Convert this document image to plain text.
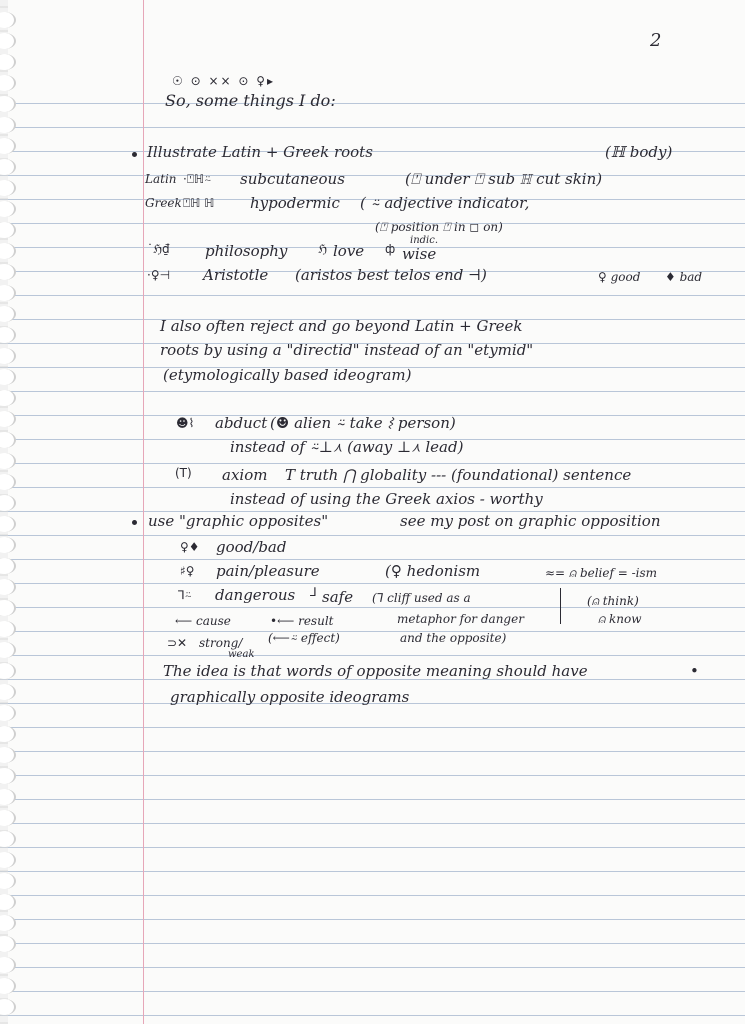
2
☉ ⊙ ×× ⊙ ♀▸
So, some things I do:
Illustrate Latin + Greek roots	(ℍ body)
Latin ·⍞ℍ⍨ subcutaneous	(⍞ under ⍞ sub ℍ cut skin)
Greek ⍞ℍ ℍ hypodermic ( ⍨ adjective indicator,
(⍞ position ⍞ in ◻ on)
˙ℌ₫ philosophy	ℌ love ф
indic.
wise
·♀⊣ Aristotle (aristos best telos end ⊣)	♀ good ♦ bad
I also often reject and go beyond Latin + Greek
roots by using a "directid" instead of an "etymid"
(etymologically based ideogram)
☻⌇ abduct (☻ alien ⍨ take ⌇ person)
instead of ⍨⊥⋏ (away ⊥⋏ lead)
(T) axiom T truth ⋂ globality --- (foundational) sentence
instead of using the Greek axios - worthy
use "graphic opposites"	see my post on graphic opposition
♀♦ good/bad
♯♀ pain/pleasure	(♀ hedonism	≈= ⍝ belief = -ism
⅂⍨ dangerous ⅃ safe (⅂ cliff used as a	(⍝ think)
⍝ know
⟵ cause	•⟵ result	metaphor for danger
⊃✕ strong/
weak
(⟵⍨ effect)	and the opposite)
The idea is that words of opposite meaning should have	•
graphically opposite ideograms
